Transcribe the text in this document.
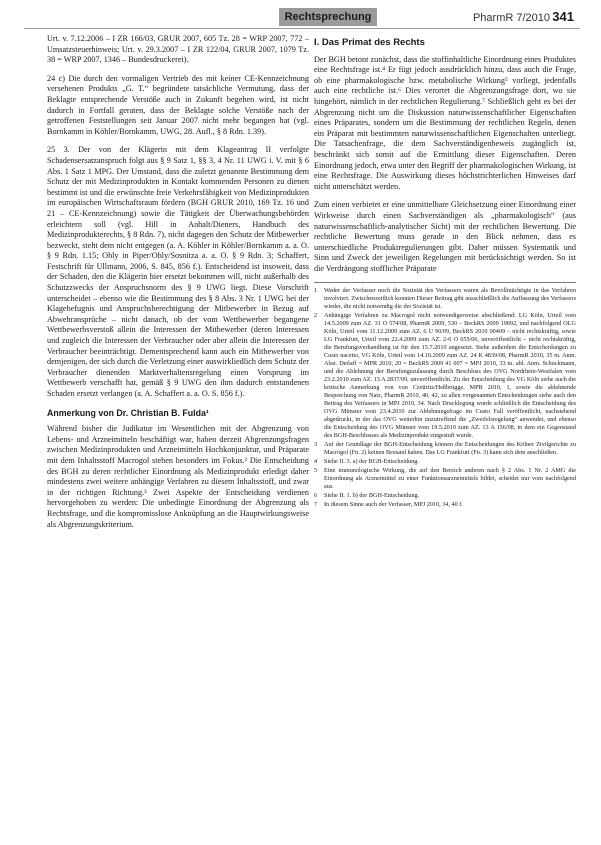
Rechtsprechung	PharmR 7/2010 341

Urt. v. 7.12.2006 – I ZR 166/03, GRUR 2007, 605 Tz. 28 = WRP 2007, 772 – Umsatzsteuerhinweis; Urt. v. 29.3.2007 – I ZR 122/04, GRUR 2007, 1079 Tz. 38 = WRP 2007, 1346 – Bundesdruckerei).

24 c) Die durch den vormaligen Vertrieb des mit keiner CE-Kennzeichnung versehenen Produkts „G. T.“ begründete tatsächliche Vermutung, dass der Beklagte entsprechende Verstöße auch in Zukunft begehen wird, ist nicht dadurch in Fortfall geraten, dass der Beklagte solche Verstöße nach der getroffenen Feststellungen seit Januar 2007 nicht mehr begangen hat (vgl. Bornkamm in Köhler/Bornkamm, UWG, 28. Aufl., § 8 Rdn. 1.39).

25 3. Der von der Klägerin mit dem Klageantrag II verfolgte Schadensersatzanspruch folgt aus § 9 Satz 1, §§ 3, 4 Nr. 11 UWG i. V. mit § 6 Abs. 1 Satz 1 MPG. Der Umstand, dass die zuletzt genannte Bestimmung dem Schutz der mit Medizinprodukten in Kontakt kommenden Personen zu dienen bestimmt ist und die erwünschte freie Verkehrsfähigkeit von Medizinprodukten im europäischen Wirtschaftsraum fördern (BGH GRUR 2010, 169 Tz. 16 und 21 – CE-Kennzeichnung) sowie die Tätigkeit der Überwachungsbehörden erleichtern soll (vgl. Hill in Anhalt/Dieners, Handbuch des Medizinprodukterechts, § 8 Rdn. 7), nicht dagegen den Schutz der Mitbewerber bezweckt, steht dem nicht entgegen (a. A. Köhler in Köhler/Bornkamm a. a. O. § 9 Rdn. 1.15; Ohly in Piper/Ohly/Sosnitza a. a. O. § 9 Rdn. 3; Schaffert, Festschrift für Ullmann, 2006, S. 845, 856 f.). Entscheidend ist insoweit, dass der Schaden, den die Klägerin hier ersetzt bekommen will, nicht außerhalb des Schutzzwecks der Anspruchsnorm des § 9 UWG liegt. Diese Vorschrift unterscheidet – ebenso wie die Bestimmung des § 8 Abs. 3 Nr. 1 UWG bei der Klagebefugnis und Anspruchsberechtigung der Mitbewerber in Bezug auf Abwehransprüche – nicht danach, ob der vom Wettbewerber begangene Wettbewerbsverstoß allein die Interessen der Mitbewerber (deren Interessen und zugleich die Interessen der Verbraucher oder aber allein die Interessen der Verbraucher beeinträchtigt. Dementsprechend kann auch ein Mitbewerber von demjenigen, der sich durch die Verletzung einer auswirkliedlich dem Schutz der Verbraucher dienenden Marktverhaltensregelung einen Vorsprung im Wettbewerb verschafft hat, gemäß § 9 UWG den ihm dadurch entstandenen Schaden ersetzt verlangen (a. A. Schaffert a. a. O. S. 856 f.).

Anmerkung von Dr. Christian B. Fulda¹

Während bisher die Judikatur im Wesentlichen mit der Abgrenzung von Lebens- und Arzneimitteln beschäftigt war, haben derzeit Abgrenzungsfragen zwischen Medizinprodukten und Arzneimitteln Hochkonjunktur, und Präparate mit dem Inhaltsstoff Macrogol stehen besonders im Fokus.² Die Entscheidung des BGH zu deren rechtlicher Einordnung als Medizinprodukt erledigt daher mindestens zwei weitere anhängige Verfahren zu diesem Inhaltsstoff, und zwar in der richtigen Richtung.³ Zwei Aspekte der Entscheidung verdienen hervorgehoben zu werden: Die unbedingte Einordnung der Abgrenzung als Rechtsfrage, und die kompromisslose Anknüpfung an die Hauptwirkungsweise als Abgrenzungskriterium.

I. Das Primat des Rechts

Der BGH betont zunächst, dass die stoffinhaltliche Einordnung eines Produktes eine Rechtsfrage ist.⁴ Er fügt jedoch ausdrücklich hinzu, dass auch die Frage, ob eine pharmakologische bzw. metabolische Wirkung⁵ vorliegt, jedenfalls auch eine rechtliche ist.⁶ Dies verortet die Abgrenzungsfrage dort, wo sie hingehört, nämlich in der rechtlichen Regulierung.⁷ Schließlich geht es bei der Abgrenzung nicht um die Diskussion naturwissenschaftlicher Eigenschaften eines Präparates, sondern um die Bestimmung der rechtlichen Regeln, denen ein Präparat mit bestimmten naturwissenschaftlichen Eigenschaften unterliegt. Die Tatsachenfrage, die dem Sachverständigenbeweis zugänglich ist, beschränkt sich somit auf die Ermittlung dieser Eigenschaften. Deren Einordnung jedoch, etwa unter den Begriff der pharmakologischen Wirkung, ist eine Rechtsfrage. Die Auswirkung dieses höchstrichterlichen Hinweises darf nicht unterschätzt werden.

Zum einen verbietet er eine unmittelbare Gleichsetzung einer Einordnung einer Wirkweise durch einen Sachverständigen als „pharmakologisch“ (aus naturwissenschaftlich-analytischer Sicht) mit der rechtlichen Bewertung. Die rechtliche Bewertung muss gerade in den Blick nehmen, dass es unterschiedliche Produktregulierungen gibt. Daher müssen Systematik und Sinn und Zweck der jeweiligen Regelungen mit berücksichtigt werden. So ist die Verdrängung stofflicher Präparate

1	Weder der Verfasser noch die Sozietät des Verfassers waren als Bevollmächtigte in das Verfahren involviert. Zwischenzeitlich konnten Dieser Beitrag gibt ausschließlich die Auffassung des Verfassers wieder, die nicht notwendig die der Sozietät ist.
2	Anhängige Verfahren zu Macrogol nicht notwendigerweise abschließend: LG Köln, Urteil vom 14.5.2009 zum AZ. 31 O 574/08, PharmR 2009, 530 – BeckRS 2009 19092, und nachfolgend OLG Köln, Urteil vom 11.12.2009 zum AZ. 6 U 90/09, BeckRS 2010 00409 – nicht rechtskräftig, sowie LG Frankfurt, Urteil vom 22.4.2009 zum AZ. 2-6 O 655/06, unveröffentlicht – nicht rechtskräftig, die Berufungsverhandlung ist für den 15.7.2010 angesetzt. Siehe außerdem die Entscheidungen zu Custo nacetto, VG Köln, Urteil vom 14.10.2009 zum AZ. 24 K 4839/08, PharmR 2010, 35 m. Anm. Abst. Detlaff = MPR 2010, 20 = BeckRS 2009 41 007 = MPJ 2010, 33 m. abl. Anm. Schuckmann, und die Ablehnung der Berufungszulassung durch Beschluss des OVG Nordrhein-Westfalen vom 23.2.2010 zum AZ. 13 A 2837/09, unveröffentlicht. Zu der Entscheidung des VG Köln siehe auch die kritische Anmerkung von von Czettritz/Heßbrügge, MPR 2010, 1, sowie die ablehnende Besprechung von Natz, PharmR 2010, 40, 42, zu allen vorgenannten Entscheidungen siehe auch den Beitrag des Verfassers in MPJ 2010, 34. Nach Drucklegung wurde schließlich die Entscheidung des OVG Münster vom 23.4.2010 zur Ablehnungsfrage im Custo Fall veröffentlicht, nachstehend abgedruckt, in der das OVG weiterhin unzutreffend die „Zweifelsregelung“ anwendet, und ebenso die Entscheidung des OVG Münster vom 19.5.2010 zum AZ. 13 A 156/08, in dem ein Gegenstand des BGH-Beschlusses als Medizinprodukt eingestuft wurde.
3	Auf der Grundlage der BGH-Entscheidung können die Entscheidungen des Kölner Zivilgerichte zu Macrogol (Fn. 2) keinen Bestand haben. Das LG Frankfurt (Fn. 3) kann sich dem anschließen.
4	Siehe II. 3. a) der BGH-Entscheidung.
5	Eine immunologische Wirkung, die auf den Bereich anderen nach § 2 Abs. 1 Nr. 2 AMG die Einordnung als Arzneimittel zu einer Funktionsarzneimittels bildet, scheidet nur vom nachfolgend aus.
6	Siehe II. 1. b) der BGH-Entscheidung.
7	In diesem Sinne auch der Verfasser, MPJ 2010, 34, 40 f.
